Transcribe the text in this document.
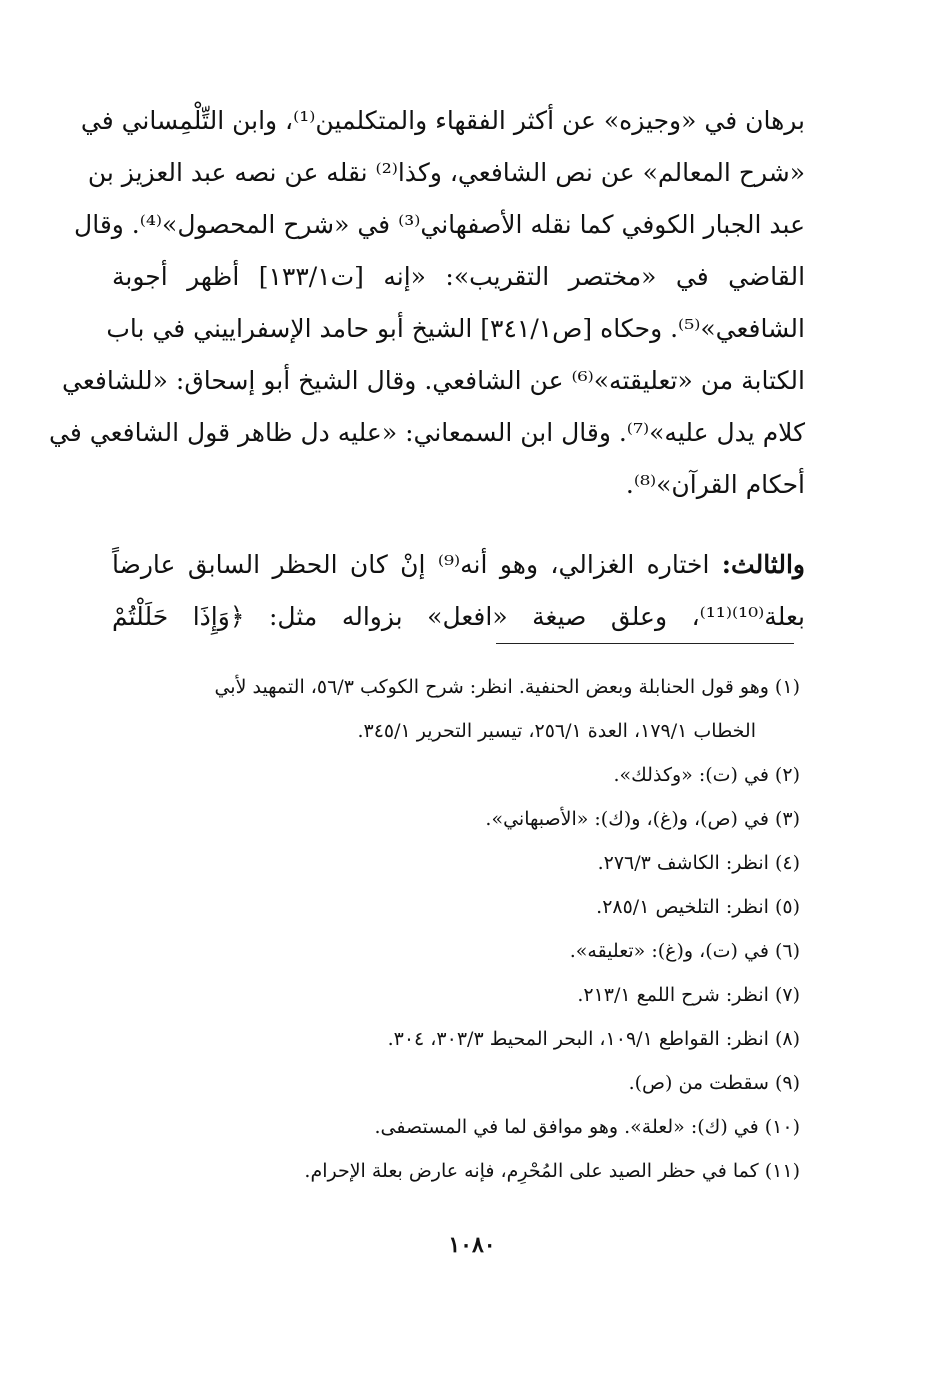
برهان في «وجيزه» عن أكثر الفقهاء والمتكلمين⁽¹⁾، وابن التِّلْمِساني في
«شرح المعالم» عن نص الشافعي، وكذا⁽²⁾ نقله عن نصه عبد العزيز بن
عبد الجبار الكوفي كما نقله الأصفهاني⁽³⁾ في «شرح المحصول»⁽⁴⁾. وقال
القاضي في «مختصر التقريب»: «إنه [ت١٣٣/١] أظهر أجوبة
الشافعي»⁽⁵⁾. وحكاه [ص٣٤١/١] الشيخ أبو حامد الإسفراييني في باب
الكتابة من «تعليقته»⁽⁶⁾ عن الشافعي. وقال الشيخ أبو إسحاق: «للشافعي
كلام يدل عليه»⁽⁷⁾. وقال ابن السمعاني: «عليه دل ظاهر قول الشافعي في
أحكام القرآن»⁽⁸⁾.
والثالث: اختاره الغزالي، وهو أنه⁽⁹⁾ إنْ كان الحظر السابق عارضاً
بعلة⁽¹⁰⁾⁽¹¹⁾، وعلق صيغة «افعل» بزواله مثل: ﴿وَإِذَا حَلَلْتُمْ
(١) وهو قول الحنابلة وبعض الحنفية. انظر: شرح الكوكب ٥٦/٣، التمهيد لأبي
الخطاب ١٧٩/١، العدة ٢٥٦/١، تيسير التحرير ٣٤٥/١.
(٢) في (ت): «وكذلك».
(٣) في (ص)، و(غ)، و(ك): «الأصبهاني».
(٤) انظر: الكاشف ٢٧٦/٣.
(٥) انظر: التلخيص ٢٨٥/١.
(٦) في (ت)، و(غ): «تعليقه».
(٧) انظر: شرح اللمع ٢١٣/١.
(٨) انظر: القواطع ١٠٩/١، البحر المحيط ٣٠٣/٣، ٣٠٤.
(٩) سقطت من (ص).
(١٠) في (ك): «لعلة». وهو موافق لما في المستصفى.
(١١) كما في حظر الصيد على المُحْرِم، فإنه عارض بعلة الإحرام.
١٠٨٠
